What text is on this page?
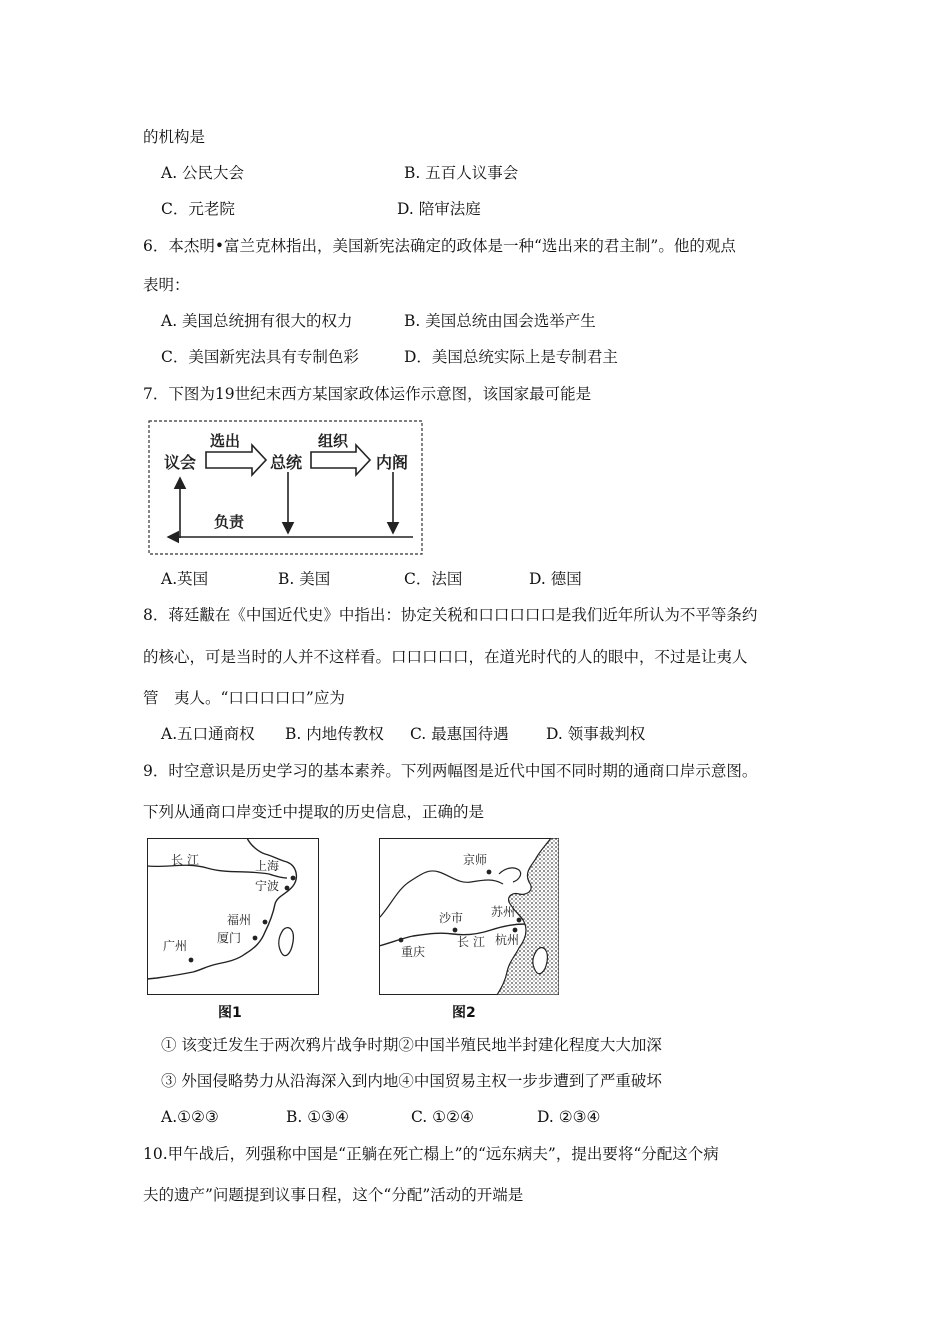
的机构是
A. 公民大会	B. 五百人议事会
C．元老院	D. 陪审法庭
6．本杰明•富兰克林指出，美国新宪法确定的政体是一种“选出来的君主制”。他的观点
表明：
A. 美国总统拥有很大的权力	B. 美国总统由国会选举产生
C．美国新宪法具有专制色彩	D．美国总统实际上是专制君主
7．下图为19世纪末西方某国家政体运作示意图，该国家最可能是
议会	总统	内阁
选出	组织
负责
A.英国	B. 美国	C．法国	D. 德国
8．蒋廷黻在《中国近代史》中指出：协定关税和口口口口口是我们近年所认为不平等条约
的核心，可是当时的人并不这样看。口口口口口，在道光时代的人的眼中，不过是让夷人
管　夷人。“口口口口口”应为
A.五口通商权 B. 内地传教权 C. 最惠国待遇 D. 领事裁判权
9．时空意识是历史学习的基本素养。下列两幅图是近代中国不同时期的通商口岸示意图。
下列从通商口岸变迁中提取的历史信息，正确的是
长 江	上海
宁波
福州
厦门
广州
图1
京师
沙市 苏州
重庆
杭州
长 江
图2
① 该变迁发生于两次鸦片战争时期②中国半殖民地半封建化程度大大加深
③ 外国侵略势力从沿海深入到内地④中国贸易主权一步步遭到了严重破坏
A.①②③	B. ①③④	C. ①②④	D. ②③④
10.甲午战后，列强称中国是“正躺在死亡榻上”的“远东病夫”，提出要将“分配这个病
夫的遗产”问题提到议事日程，这个“分配”活动的开端是
